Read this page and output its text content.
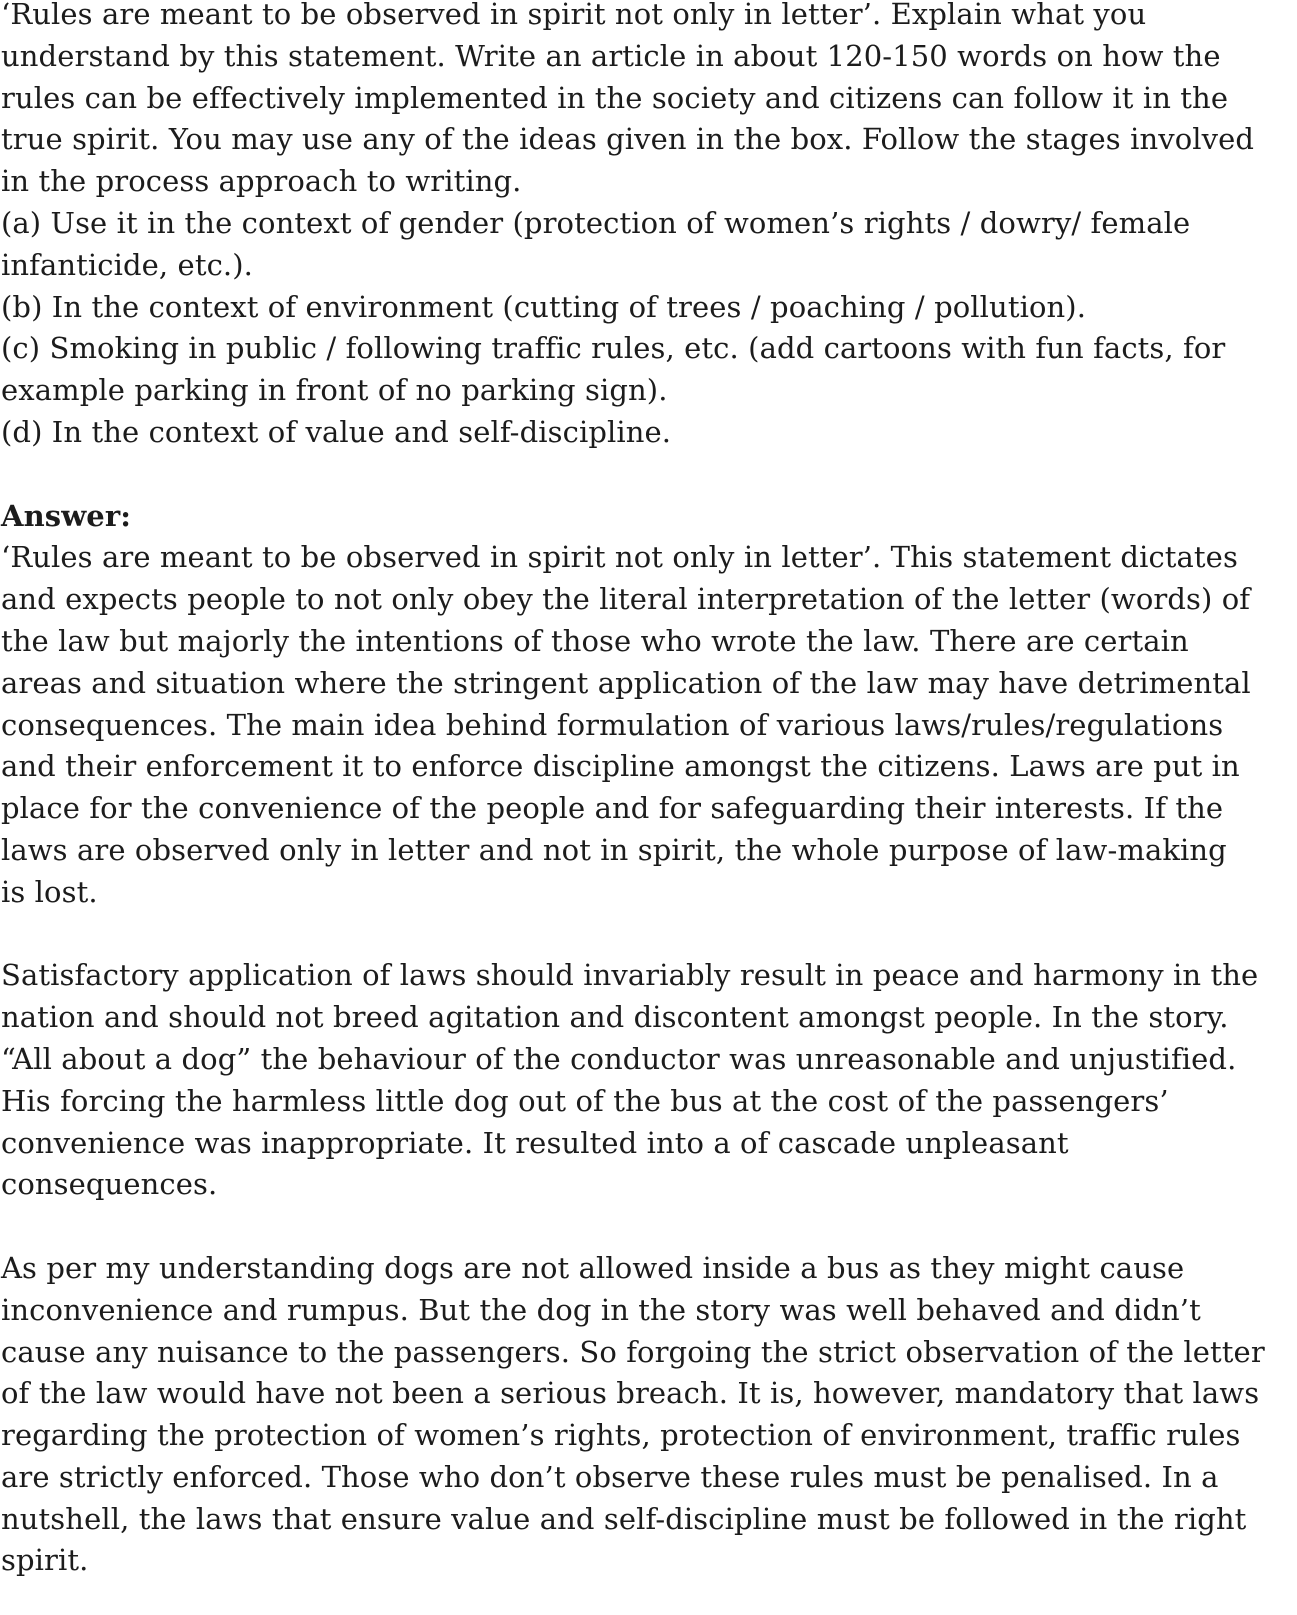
‘Rules are meant to be observed in spirit not only in letter’. Explain what you
understand by this statement. Write an article in about 120-150 words on how the
rules can be effectively implemented in the society and citizens can follow it in the
true spirit. You may use any of the ideas given in the box. Follow the stages involved
in the process approach to writing.
(a) Use it in the context of gender (protection of women’s rights / dowry/ female
infanticide, etc.).
(b) In the context of environment (cutting of trees / poaching / pollution).
(c) Smoking in public / following traffic rules, etc. (add cartoons with fun facts, for
example parking in front of no parking sign).
(d) In the context of value and self-discipline.
Answer:
‘Rules are meant to be observed in spirit not only in letter’. This statement dictates
and expects people to not only obey the literal interpretation of the letter (words) of
the law but majorly the intentions of those who wrote the law. There are certain
areas and situation where the stringent application of the law may have detrimental
consequences. The main idea behind formulation of various laws/rules/regulations
and their enforcement it to enforce discipline amongst the citizens. Laws are put in
place for the convenience of the people and for safeguarding their interests. If the
laws are observed only in letter and not in spirit, the whole purpose of law-making
is lost.
Satisfactory application of laws should invariably result in peace and harmony in the
nation and should not breed agitation and discontent amongst people. In the story.
“All about a dog” the behaviour of the conductor was unreasonable and unjustified.
His forcing the harmless little dog out of the bus at the cost of the passengers’
convenience was inappropriate. It resulted into a of cascade unpleasant
consequences.
As per my understanding dogs are not allowed inside a bus as they might cause
inconvenience and rumpus. But the dog in the story was well behaved and didn’t
cause any nuisance to the passengers. So forgoing the strict observation of the letter
of the law would have not been a serious breach. It is, however, mandatory that laws
regarding the protection of women’s rights, protection of environment, traffic rules
are strictly enforced. Those who don’t observe these rules must be penalised. In a
nutshell, the laws that ensure value and self-discipline must be followed in the right
spirit.
